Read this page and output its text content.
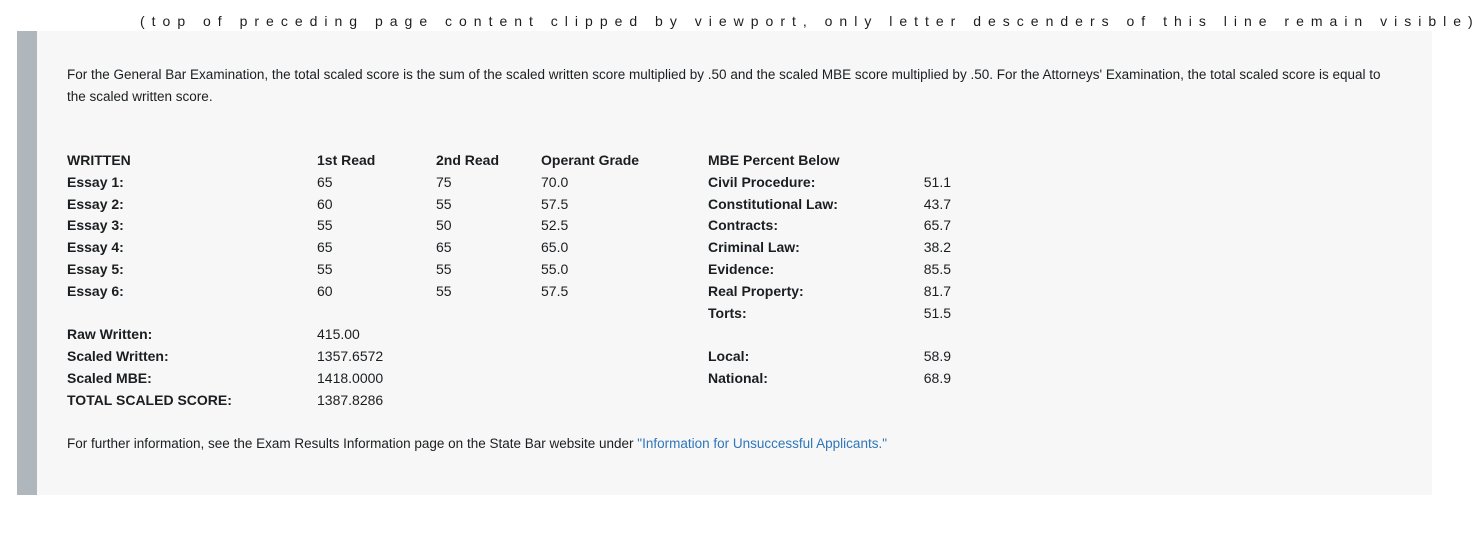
(top of preceding page content clipped by viewport, only letter descenders of this line remain visible)

For the General Bar Examination, the total scaled score is the sum of the scaled written score multiplied by .50 and the scaled MBE score multiplied by .50. For the Attorneys' Examination, the total scaled score is equal to the scaled written score.

WRITTEN	1st Read	2nd Read	Operant Grade
Essay 1:	65	75	70.0
Essay 2:	60	55	57.5
Essay 3:	55	50	52.5
Essay 4:	65	65	65.0
Essay 5:	55	55	55.0
Essay 6:	60	55	57.5
Raw Written:	415.00
Scaled Written:	1357.6572
Scaled MBE:	1418.0000
TOTAL SCALED SCORE:	1387.8286
MBE Percent Below
Civil Procedure:	51.1
Constitutional Law:	43.7
Contracts:	65.7
Criminal Law:	38.2
Evidence:	85.5
Real Property:	81.7
Torts:	51.5
Local:	58.9
National:	68.9

For further information, see the Exam Results Information page on the State Bar website under "Information for Unsuccessful Applicants."
